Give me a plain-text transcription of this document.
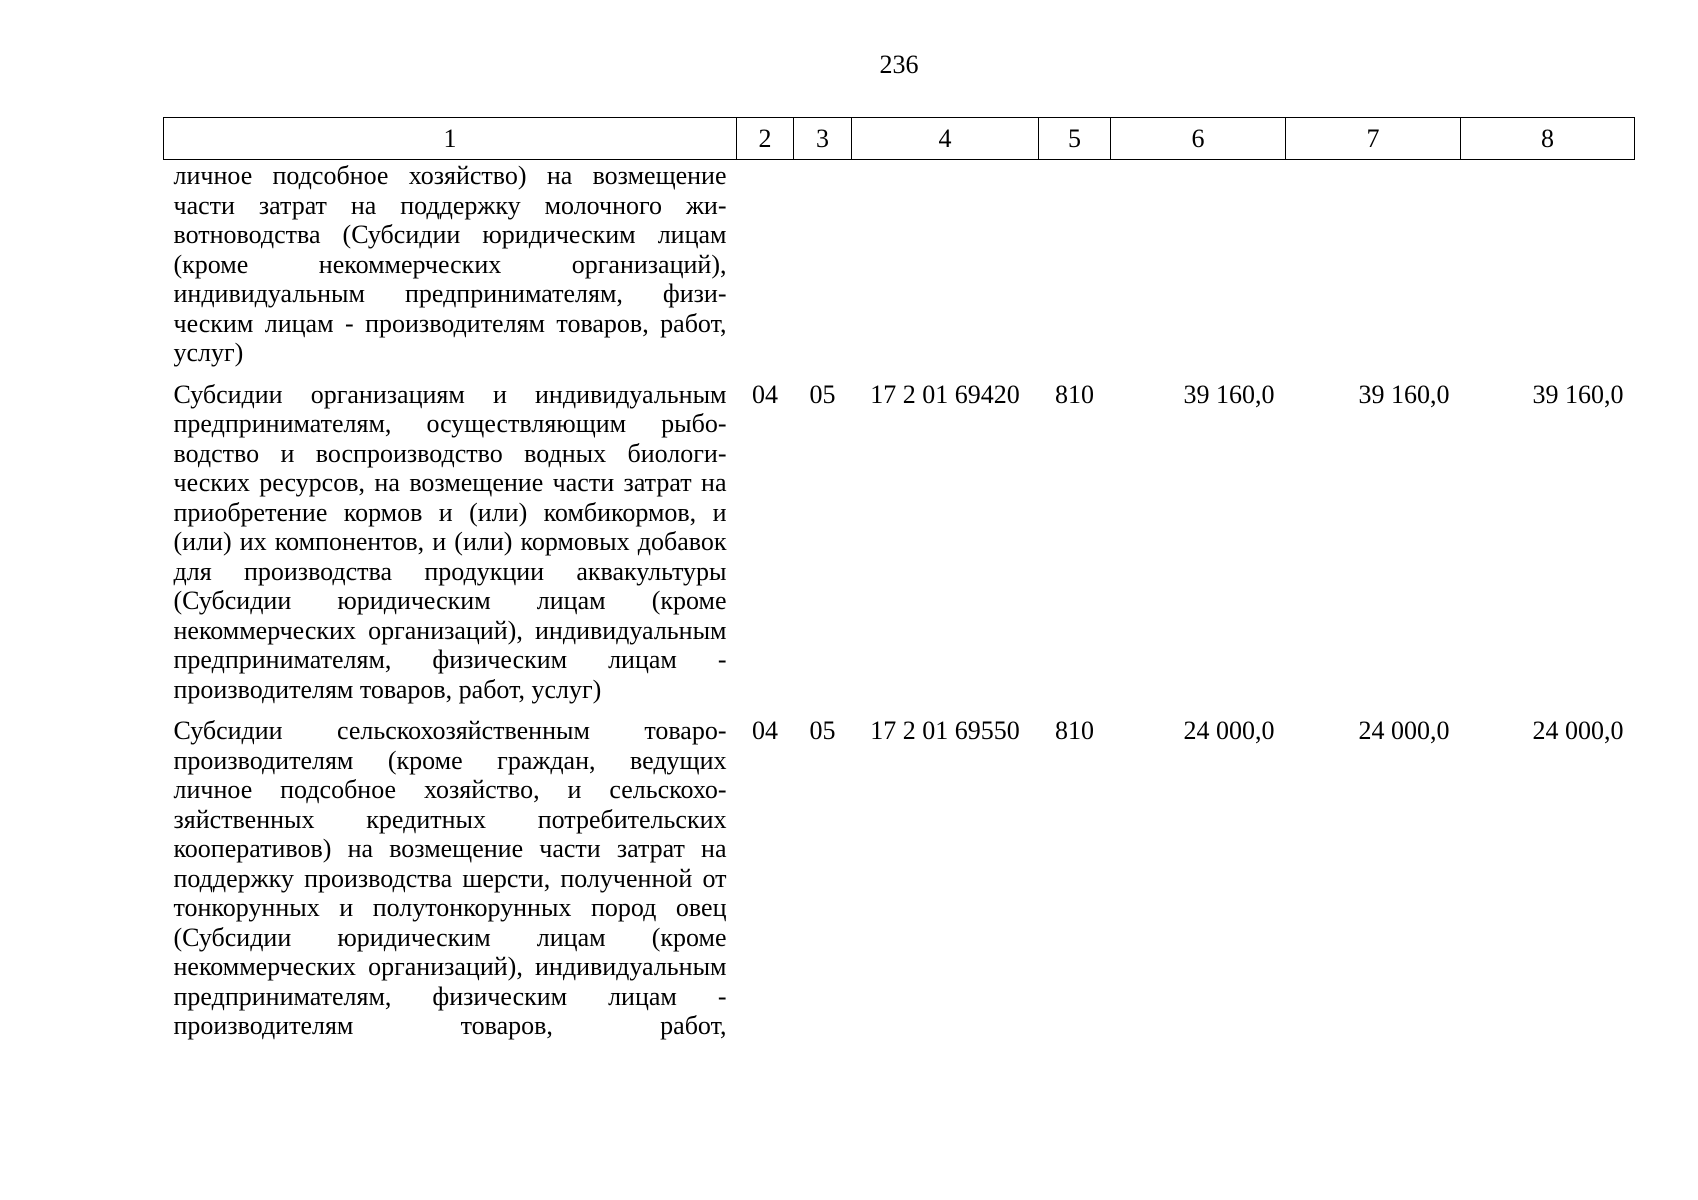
236
1	2	3	4	5	6	7	8
личное подсобное хозяйство) на возмещение части затрат на поддержку молочного животноводства (Субсидии юридическим лицам (кроме некоммерческих организаций), индивидуальным предпринимателям, физическим лицам - производителям товаров, работ, услуг)							
Субсидии организациям и индивидуальным предпринимателям, осуществляющим рыбоводство и воспроизводство водных биологических ресурсов, на возмещение части затрат на приобретение кормов и (или) комбикормов, и (или) их компонентов, и (или) кормовых добавок для производства продукции аквакультуры (Субсидии юридическим лицам (кроме некоммерческих организаций), индивидуальным предпринимателям, физическим лицам - производителям товаров, работ, услуг)	04	05	17 2 01 69420	810	39 160,0	39 160,0	39 160,0
Субсидии сельскохозяйственным товаропроизводителям (кроме граждан, ведущих личное подсобное хозяйство, и сельскохозяйственных кредитных потребительских кооперативов) на возмещение части затрат на поддержку производства шерсти, полученной от тонкорунных и полутонкорунных пород овец (Субсидии юридическим лицам (кроме некоммерческих организаций), индивидуальным предпринимателям, физическим лицам - производителям товаров, работ,	04	05	17 2 01 69550	810	24 000,0	24 000,0	24 000,0
